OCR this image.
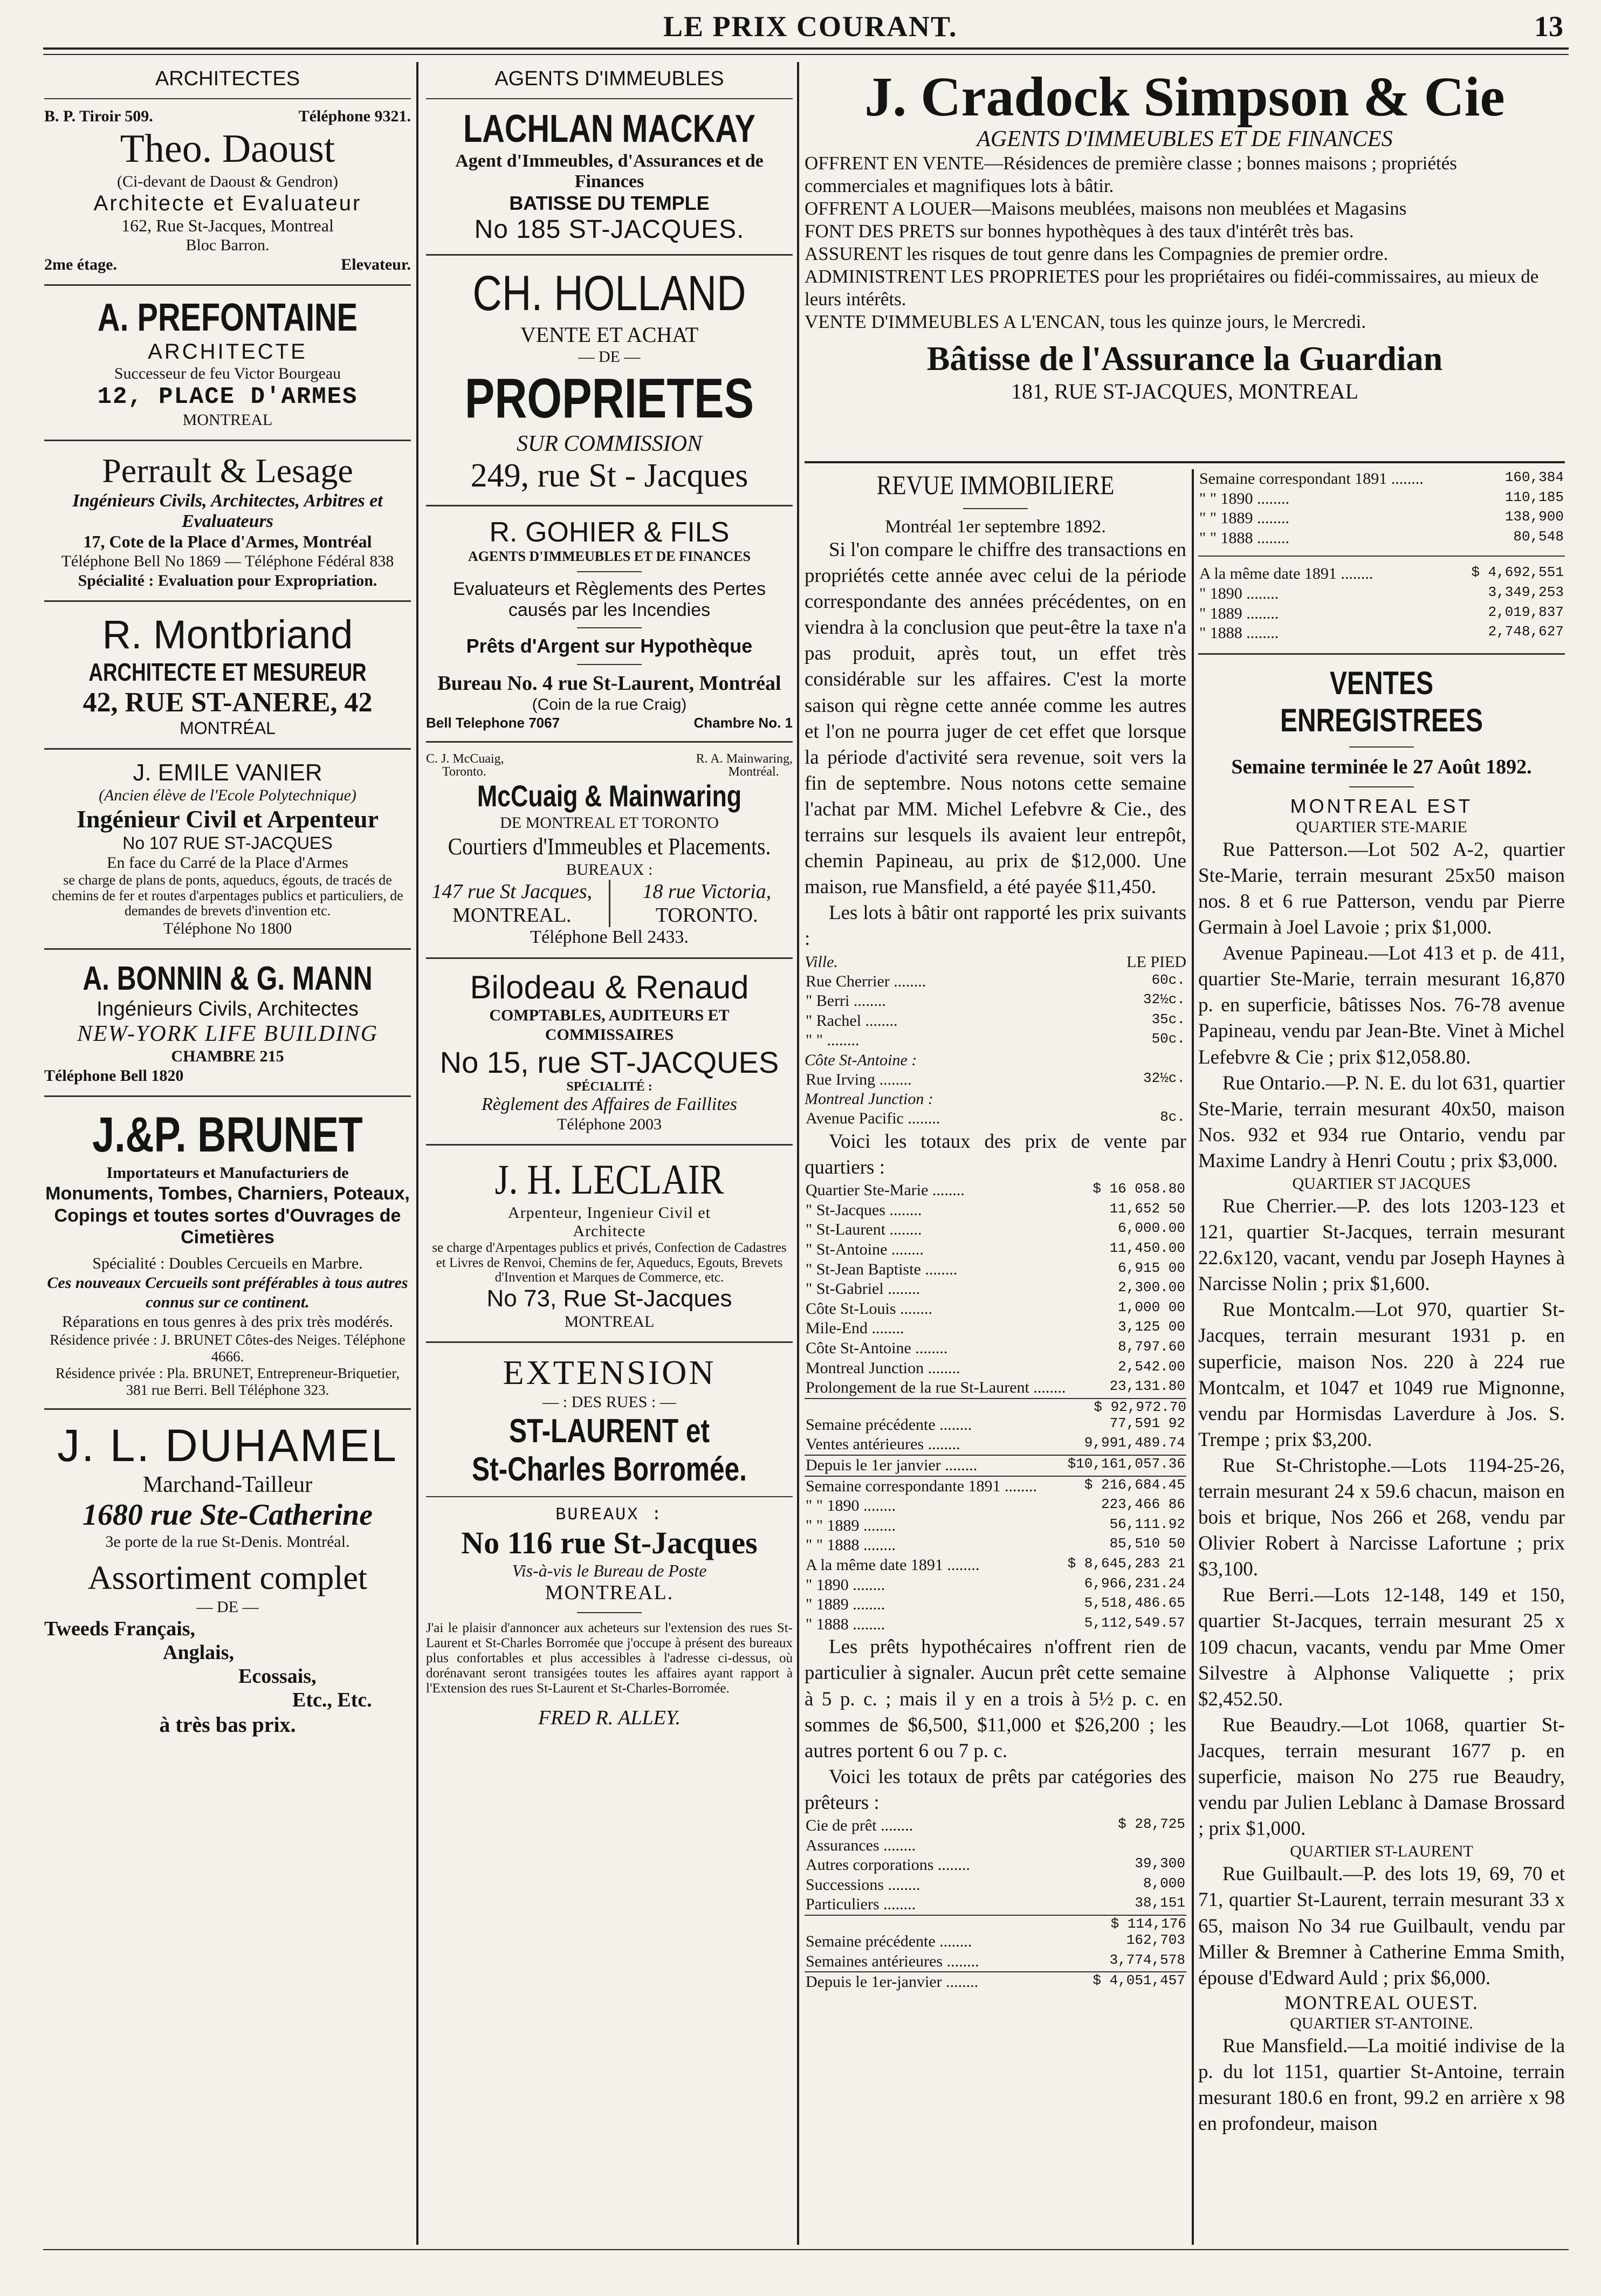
LE PRIX COURANT.	13
ARCHITECTES
B. P. Tiroir 509.	Téléphone 9321.
Theo. Daoust
(Ci-devant de Daoust & Gendron)
Architecte et Evaluateur
162, Rue St-Jacques, Montreal
Bloc Barron.
2me étage.	Elevateur.
A. PREFONTAINE
ARCHITECTE
Successeur de feu Victor Bourgeau
12, PLACE D'ARMES
MONTREAL
Perrault & Lesage
Ingénieurs Civils, Architectes, Arbitres et Evaluateurs
17, Cote de la Place d'Armes, Montréal
Téléphone Bell No 1869 — Téléphone Fédéral 838
Spécialité : Evaluation pour Expropriation.
R. Montbriand
ARCHITECTE ET MESUREUR
42, RUE ST-ANERE, 42
MONTRÉAL
J. EMILE VANIER
(Ancien élève de l'Ecole Polytechnique)
Ingénieur Civil et Arpenteur
No 107 RUE ST-JACQUES
En face du Carré de la Place d'Armes
se charge de plans de ponts, aqueducs, égouts, de tracés de chemins de fer et routes d'arpentages publics et particuliers, de demandes de brevets d'invention etc.
Téléphone No 1800
A. BONNIN & G. MANN
Ingénieurs Civils, Architectes
NEW-YORK LIFE BUILDING
CHAMBRE 215
Téléphone Bell 1820
J.&P. BRUNET
Importateurs et Manufacturiers de
Monuments, Tombes, Charniers, Poteaux, Copings et toutes sortes d'Ouvrages de Cimetières
Spécialité : Doubles Cercueils en Marbre.
Ces nouveaux Cercueils sont préférables à tous autres connus sur ce continent.
Réparations en tous genres à des prix très modérés.
Résidence privée : J. BRUNET Côtes-des Neiges. Téléphone 4666.
Résidence privée : Pla. BRUNET, Entrepreneur-Briquetier, 381 rue Berri. Bell Téléphone 323.
J. L. DUHAMEL
Marchand-Tailleur
1680 rue Ste-Catherine
3e porte de la rue St-Denis. Montréal.
Assortiment complet
— DE —
Tweeds Français,
Anglais,
Ecossais,
Etc., Etc.
à très bas prix.
AGENTS D'IMMEUBLES
LACHLAN MACKAY
Agent d'Immeubles, d'Assurances et de Finances
BATISSE DU TEMPLE
No 185 ST-JACQUES.
CH. HOLLAND
VENTE ET ACHAT
— DE —
PROPRIETES
SUR COMMISSION
249, rue St - Jacques
R. GOHIER & FILS
AGENTS D'IMMEUBLES ET DE FINANCES
Evaluateurs et Règlements des Pertes causés par les Incendies
Prêts d'Argent sur Hypothèque
Bureau No. 4 rue St-Laurent, Montréal
(Coin de la rue Craig)
Bell Telephone 7067	Chambre No. 1
C. J. McCuaig,
Toronto.
R. A. Mainwaring,
Montréal.
McCuaig & Mainwaring
DE MONTREAL ET TORONTO
Courtiers d'Immeubles et Placements.
BUREAUX :
147 rue St Jacques,
MONTREAL.
18 rue Victoria,
TORONTO.
Téléphone Bell 2433.
Bilodeau & Renaud
COMPTABLES, AUDITEURS ET COMMISSAIRES
No 15, rue ST-JACQUES
SPÉCIALITÉ :
Règlement des Affaires de Faillites
Téléphone 2003
J. H. LECLAIR
Arpenteur, Ingenieur Civil et
Architecte
se charge d'Arpentages publics et privés, Confection de Cadastres et Livres de Renvoi, Chemins de fer, Aqueducs, Egouts, Brevets d'Invention et Marques de Commerce, etc.
No 73, Rue St-Jacques
MONTREAL
EXTENSION
— : DES RUES : —
ST-LAURENT et
St-Charles Borromée.
BUREAUX :
No 116 rue St-Jacques
Vis-à-vis le Bureau de Poste
MONTREAL.
J'ai le plaisir d'annoncer aux acheteurs sur l'extension des rues St-Laurent et St-Charles Borromée que j'occupe à présent des bureaux plus confortables et plus accessibles à l'adresse ci-dessus, où dorénavant seront transigées toutes les affaires ayant rapport à l'Extension des rues St-Laurent et St-Charles-Borromée.
FRED R. ALLEY.
J. Cradock Simpson & Cie
AGENTS D'IMMEUBLES ET DE FINANCES
OFFRENT EN VENTE—Résidences de première classe ; bonnes maisons ; propriétés commerciales et magnifiques lots à bâtir.
OFFRENT A LOUER—Maisons meublées, maisons non meublées et Magasins
FONT DES PRETS sur bonnes hypothèques à des taux d'intérêt très bas.
ASSURENT les risques de tout genre dans les Compagnies de premier ordre.
ADMINISTRENT LES PROPRIETES pour les propriétaires ou fidéi-commissaires, au mieux de leurs intérêts.
VENTE D'IMMEUBLES A L'ENCAN, tous les quinze jours, le Mercredi.
Bâtisse de l'Assurance la Guardian
181, RUE ST-JACQUES, MONTREAL
REVUE IMMOBILIERE
Montréal 1er septembre 1892.

Si l'on compare le chiffre des transactions en propriétés cette année avec celui de la période correspondante des années précédentes, on en viendra à la conclusion que peut-être la taxe n'a pas produit, après tout, un effet très considérable sur les affaires. C'est la morte saison qui règne cette année comme les autres et l'on ne pourra juger de cet effet que lorsque la période d'activité sera revenue, soit vers la fin de septembre. Nous notons cette semaine l'achat par MM. Michel Lefebvre & Cie., des terrains sur lesquels ils avaient leur entrepôt, chemin Papineau, au prix de $12,000. Une maison, rue Mansfield, a été payée $11,450.

Les lots à bâtir ont rapporté les prix suivants :

Ville.	LE PIED
Rue Cherrier ........	60c.
" Berri ........	32½c.
" Rachel ........	35c.
" " ........	50c.
Côte St-Antoine :
Rue Irving ........	32½c.
Montreal Junction :
Avenue Pacific ........	8c.

Voici les totaux des prix de vente par quartiers :

Quartier Ste-Marie ........	$ 16 058.80
" St-Jacques ........	11,652 50
" St-Laurent ........	6,000.00
" St-Antoine ........	11,450.00
" St-Jean Baptiste ........	6,915 00
" St-Gabriel ........	2,300.00
Côte St-Louis ........	1,000 00
Mile-End ........	3,125 00
Côte St-Antoine ........	8,797.60
Montreal Junction ........	2,542.00
Prolongement de la rue St-Laurent ........	23,131.80
$ 92,972.70
Semaine précédente ........	77,591 92
Ventes antérieures ........	9,991,489.74
Depuis le 1er janvier ........	$10,161,057.36
Semaine correspondante 1891 ........	$ 216,684.45
" " 1890 ........	223,466 86
" " 1889 ........	56,111.92
" " 1888 ........	85,510 50
A la même date 1891 ........	$ 8,645,283 21
" 1890 ........	6,966,231.24
" 1889 ........	5,518,486.65
" 1888 ........	5,112,549.57

Les prêts hypothécaires n'offrent rien de particulier à signaler. Aucun prêt cette semaine à 5 p. c. ; mais il y en a trois à 5½ p. c. en sommes de $6,500, $11,000 et $26,200 ; les autres portent 6 ou 7 p. c.

Voici les totaux de prêts par catégories des prêteurs :

Cie de prêt ........	$ 28,725
Assurances ........	
Autres corporations ........	39,300
Successions ........	8,000
Particuliers ........	38,151
$ 114,176
Semaine précédente ........	162,703
Semaines antérieures ........	3,774,578
Depuis le 1er-janvier ........	$ 4,051,457
Semaine correspondant 1891 ........	160,384
" " 1890 ........	110,185
" " 1889 ........	138,900
" " 1888 ........	80,548
A la même date 1891 ........	$ 4,692,551
" 1890 ........	3,349,253
" 1889 ........	2,019,837
" 1888 ........	2,748,627
VENTES ENREGISTREES
Semaine terminée le 27 Août 1892.
MONTREAL EST
QUARTIER STE-MARIE

Rue Patterson.—Lot 502 A-2, quartier Ste-Marie, terrain mesurant 25x50 maison nos. 8 et 6 rue Patterson, vendu par Pierre Germain à Joel Lavoie ; prix $1,000.

Avenue Papineau.—Lot 413 et p. de 411, quartier Ste-Marie, terrain mesurant 16,870 p. en superficie, bâtisses Nos. 76-78 avenue Papineau, vendu par Jean-Bte. Vinet à Michel Lefebvre & Cie ; prix $12,058.80.

Rue Ontario.—P. N. E. du lot 631, quartier Ste-Marie, terrain mesurant 40x50, maison Nos. 932 et 934 rue Ontario, vendu par Maxime Landry à Henri Coutu ; prix $3,000.

QUARTIER ST JACQUES

Rue Cherrier.—P. des lots 1203-123 et 121, quartier St-Jacques, terrain mesurant 22.6x120, vacant, vendu par Joseph Haynes à Narcisse Nolin ; prix $1,600.

Rue Montcalm.—Lot 970, quartier St-Jacques, terrain mesurant 1931 p. en superficie, maison Nos. 220 à 224 rue Montcalm, et 1047 et 1049 rue Mignonne, vendu par Hormisdas Laverdure à Jos. S. Trempe ; prix $3,200.

Rue St-Christophe.—Lots 1194-25-26, terrain mesurant 24 x 59.6 chacun, maison en bois et brique, Nos 266 et 268, vendu par Olivier Robert à Narcisse Lafortune ; prix $3,100.

Rue Berri.—Lots 12-148, 149 et 150, quartier St-Jacques, terrain mesurant 25 x 109 chacun, vacants, vendu par Mme Omer Silvestre à Alphonse Valiquette ; prix $2,452.50.

Rue Beaudry.—Lot 1068, quartier St-Jacques, terrain mesurant 1677 p. en superficie, maison No 275 rue Beaudry, vendu par Julien Leblanc à Damase Brossard ; prix $1,000.

QUARTIER ST-LAURENT

Rue Guilbault.—P. des lots 19, 69, 70 et 71, quartier St-Laurent, terrain mesurant 33 x 65, maison No 34 rue Guilbault, vendu par Miller & Bremner à Catherine Emma Smith, épouse d'Edward Auld ; prix $6,000.

MONTREAL OUEST.
QUARTIER ST-ANTOINE.

Rue Mansfield.—La moitié indivise de la p. du lot 1151, quartier St-Antoine, terrain mesurant 180.6 en front, 99.2 en arrière x 98 en profondeur, maison
